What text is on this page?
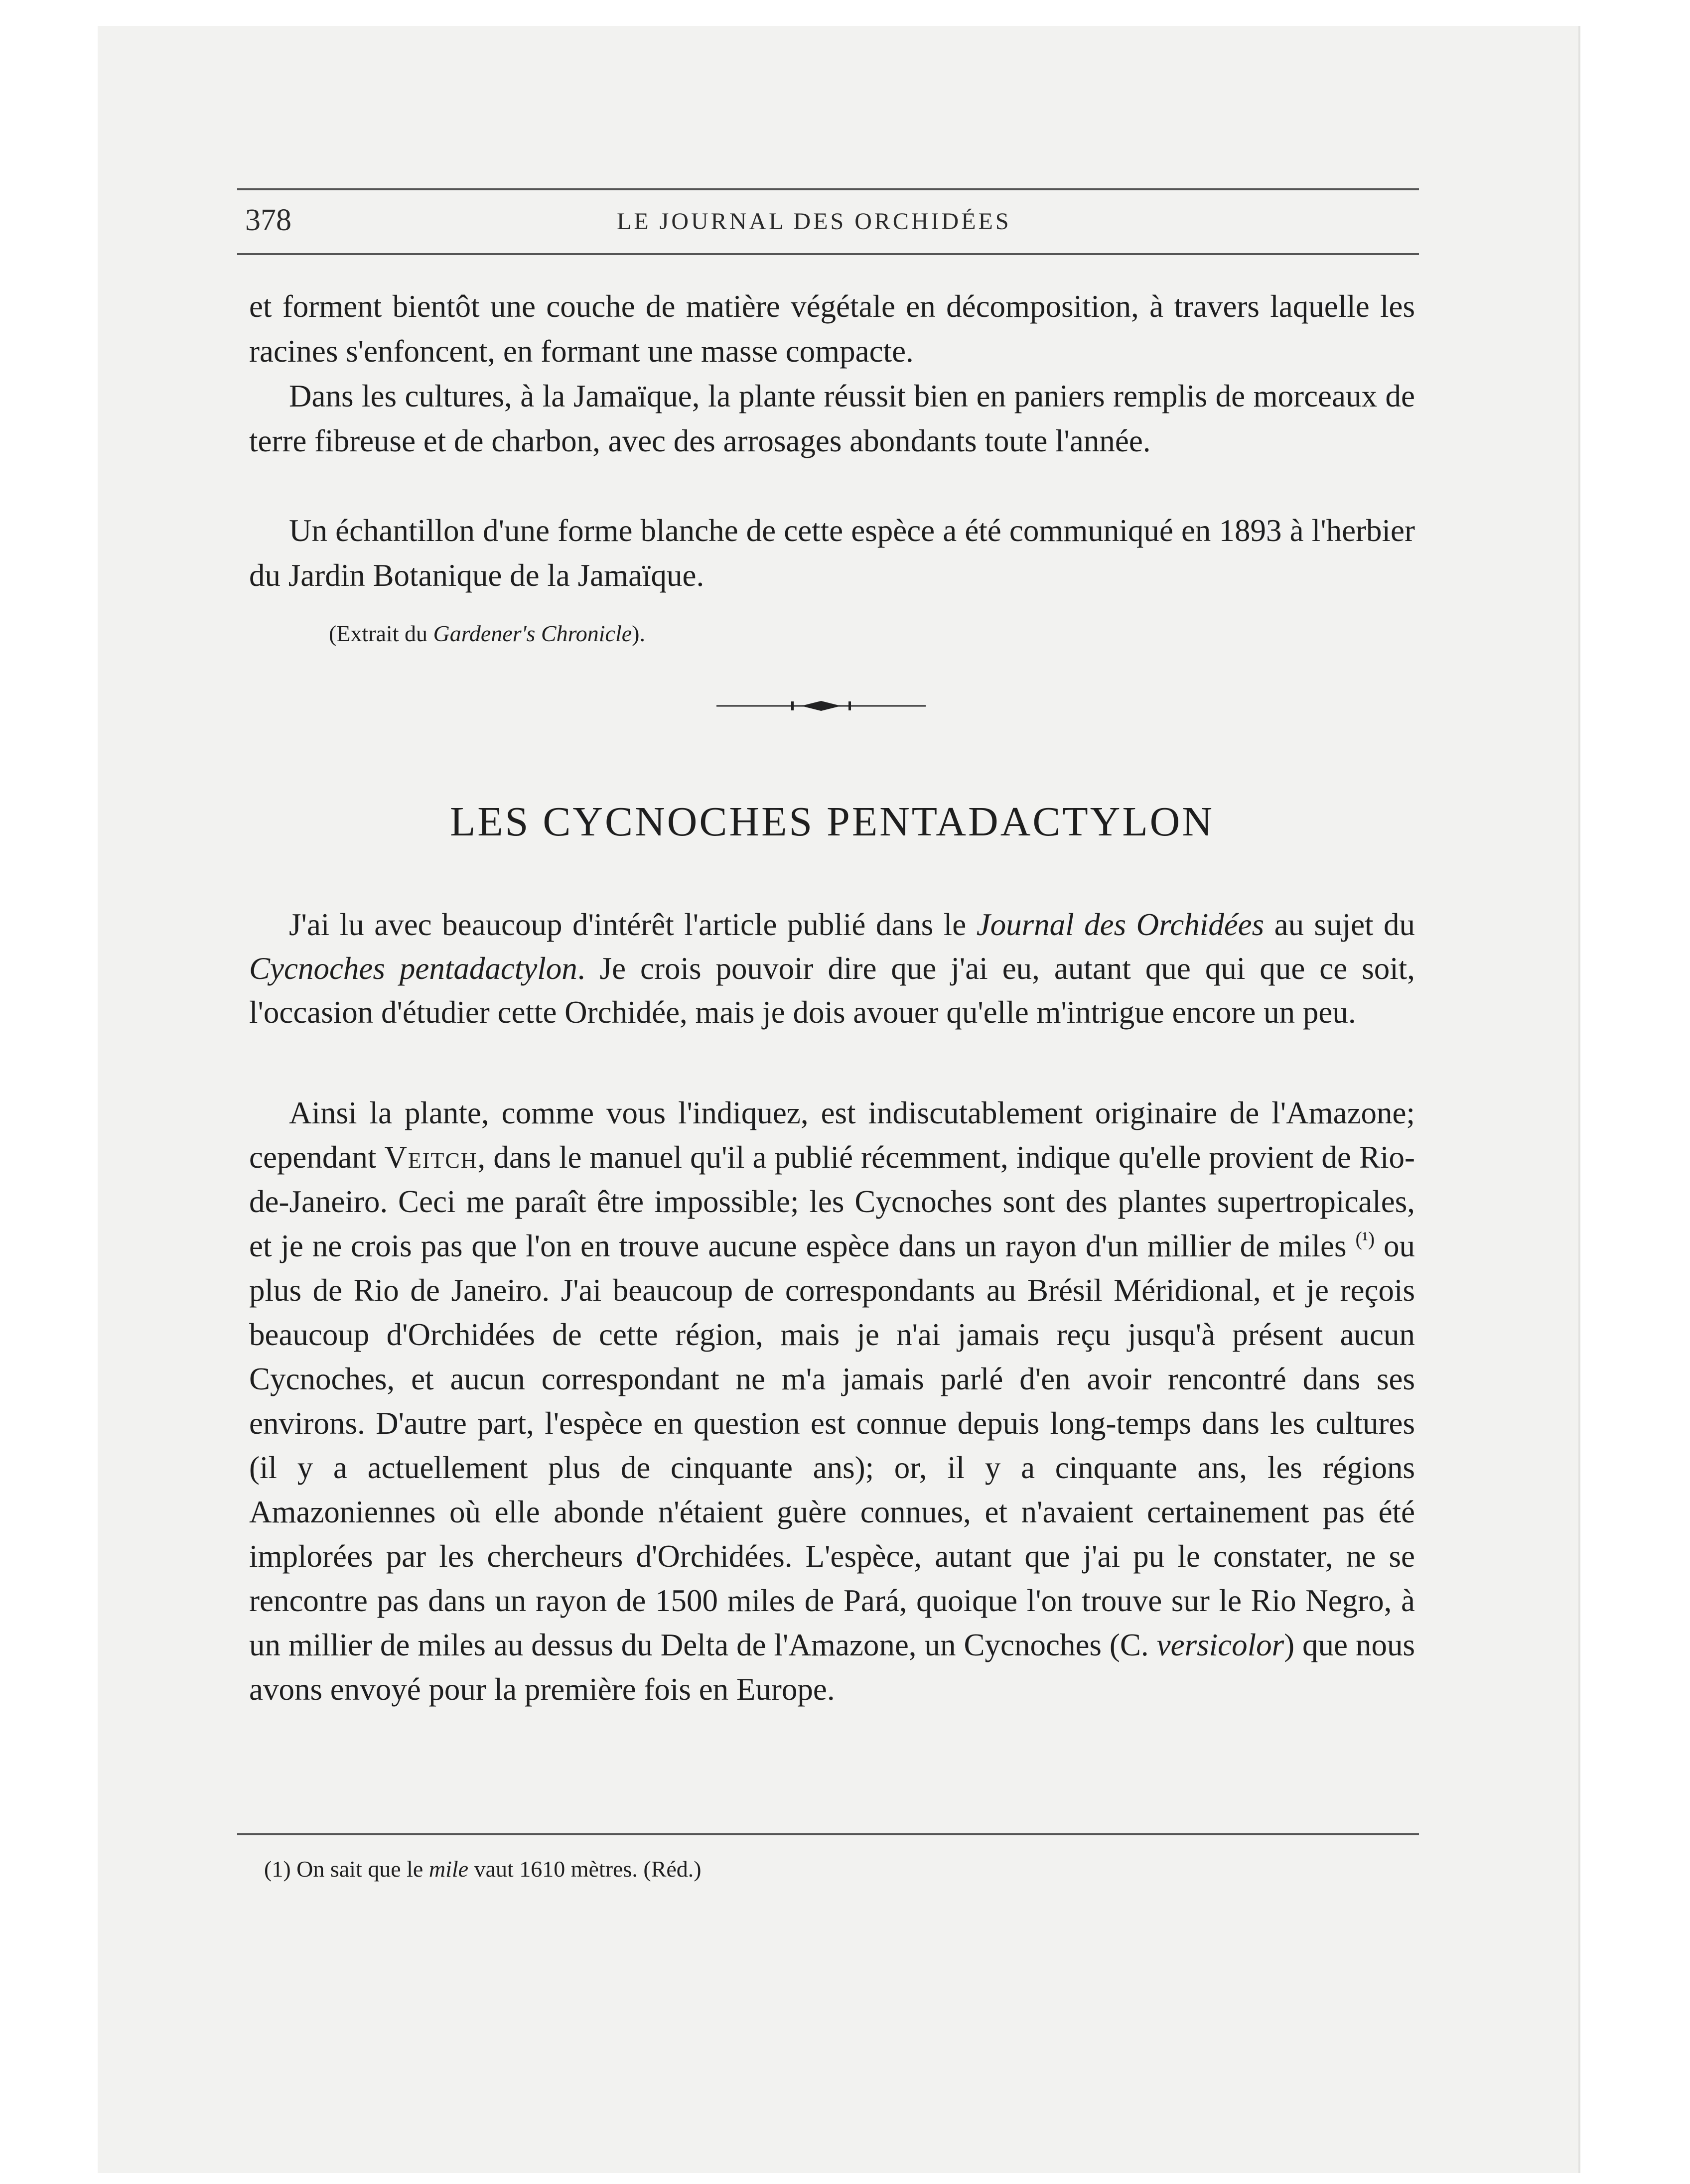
378	LE JOURNAL DES ORCHIDÉES

et forment bientôt une couche de matière végétale en décomposition, à travers laquelle les racines s'enfoncent, en formant une masse compacte.

Dans les cultures, à la Jamaïque, la plante réussit bien en paniers remplis de morceaux de terre fibreuse et de charbon, avec des arrosages abondants toute l'année.

Un échantillon d'une forme blanche de cette espèce a été communiqué en 1893 à l'herbier du Jardin Botanique de la Jamaïque.

(Extrait du Gardener's Chronicle).

LES CYCNOCHES PENTADACTYLON

J'ai lu avec beaucoup d'intérêt l'article publié dans le Journal des Orchidées au sujet du Cycnoches pentadactylon. Je crois pouvoir dire que j'ai eu, autant que qui que ce soit, l'occasion d'étudier cette Orchidée, mais je dois avouer qu'elle m'intrigue encore un peu.

Ainsi la plante, comme vous l'indiquez, est indiscutablement originaire de l'Amazone; cependant Veitch, dans le manuel qu'il a publié récemment, indique qu'elle provient de Rio-de-Janeiro. Ceci me paraît être impossible; les Cycnoches sont des plantes supertropicales, et je ne crois pas que l'on en trouve aucune espèce dans un rayon d'un millier de miles $^{(^1)}$ ou plus de Rio de Janeiro. J'ai beaucoup de correspondants au Brésil Méridional, et je reçois beaucoup d'Orchidées de cette région, mais je n'ai jamais reçu jusqu'à présent aucun Cycnoches, et aucun correspondant ne m'a jamais parlé d'en avoir rencontré dans ses environs. D'autre part, l'espèce en question est connue depuis long-temps dans les cultures (il y a actuellement plus de cinquante ans); or, il y a cinquante ans, les régions Amazoniennes où elle abonde n'étaient guère connues, et n'avaient certainement pas été implorées par les chercheurs d'Orchidées. L'espèce, autant que j'ai pu le constater, ne se rencontre pas dans un rayon de 1500 miles de Pará, quoique l'on trouve sur le Rio Negro, à un millier de miles au dessus du Delta de l'Amazone, un Cycnoches (C. versicolor) que nous avons envoyé pour la première fois en Europe.

(1) On sait que le mile vaut 1610 mètres. (Réd.)
